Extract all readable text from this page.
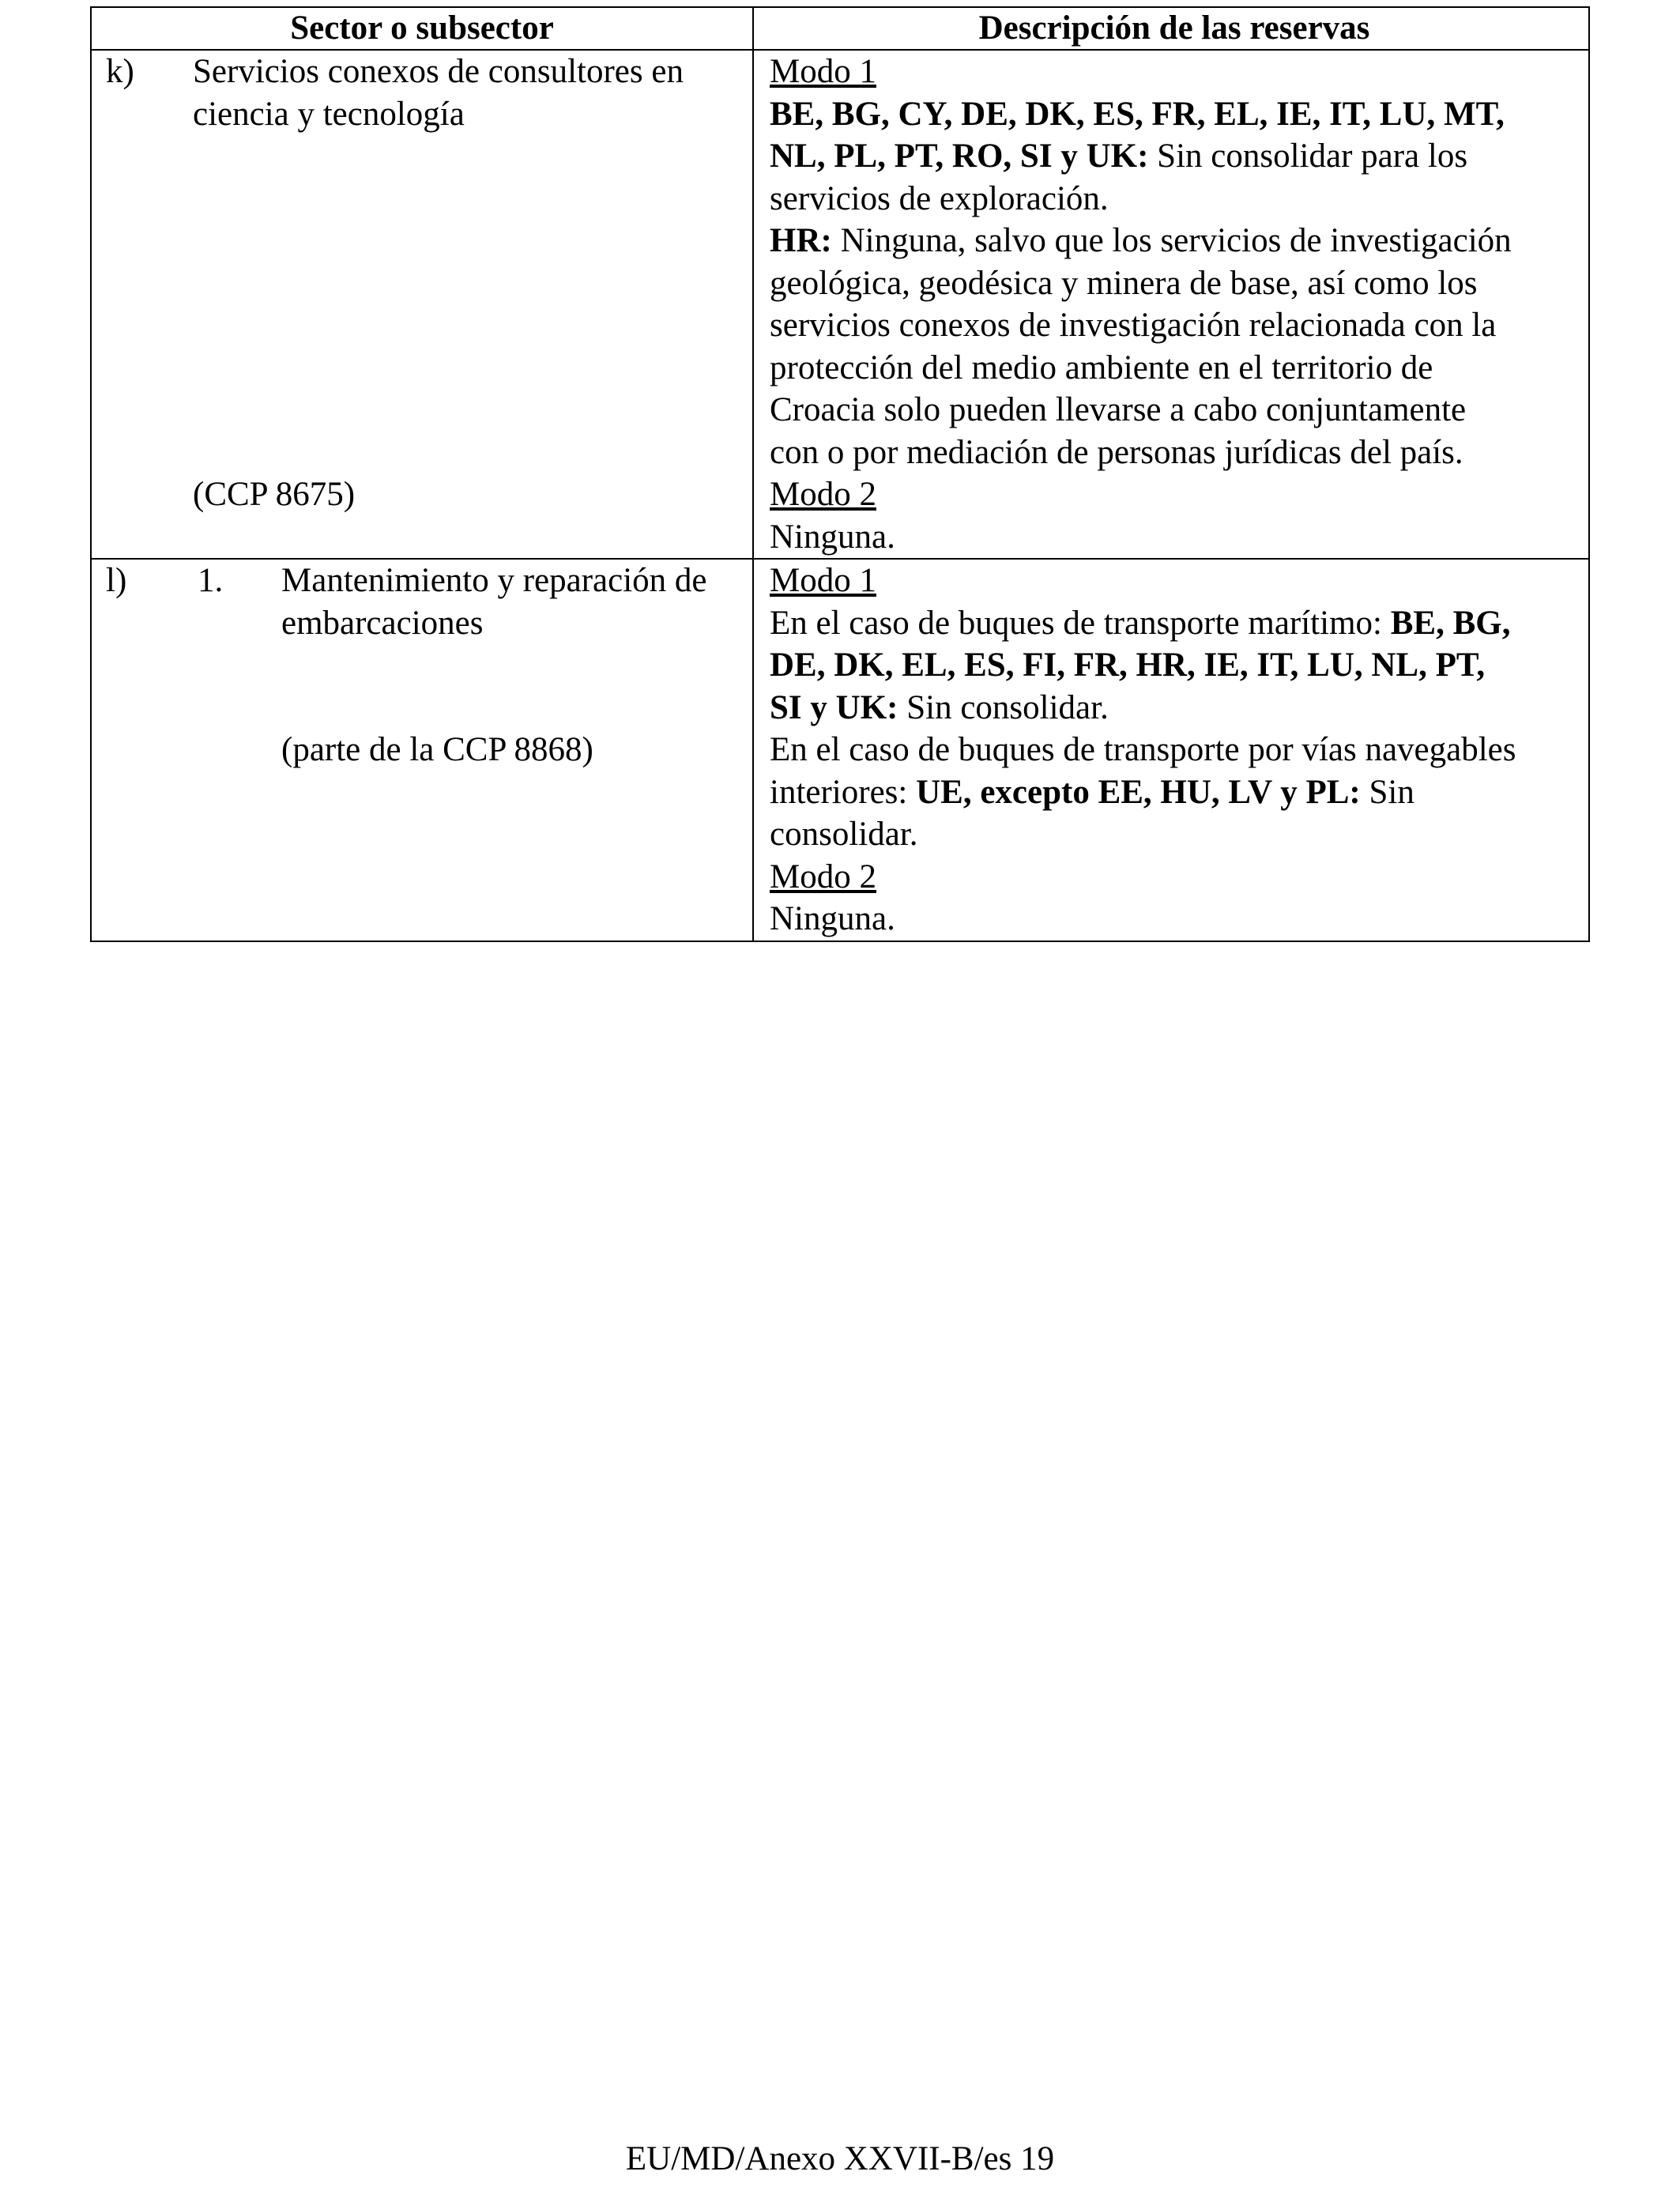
Sector o subsector	Descripción de las reservas
k) Servicios conexos de consultores en
ciencia y tecnología
(CCP 8675)
Modo 1
BE, BG, CY, DE, DK, ES, FR, EL, IE, IT, LU, MT,
NL, PL, PT, RO, SI y UK: Sin consolidar para los
servicios de exploración.
HR: Ninguna, salvo que los servicios de investigación
geológica, geodésica y minera de base, así como los
servicios conexos de investigación relacionada con la
protección del medio ambiente en el territorio de
Croacia solo pueden llevarse a cabo conjuntamente
con o por mediación de personas jurídicas del país.
Modo 2
Ninguna.
l) 1. Mantenimiento y reparación de
embarcaciones
(parte de la CCP 8868)
Modo 1
En el caso de buques de transporte marítimo: BE, BG,
DE, DK, EL, ES, FI, FR, HR, IE, IT, LU, NL, PT,
SI y UK: Sin consolidar.
En el caso de buques de transporte por vías navegables
interiores: UE, excepto EE, HU, LV y PL: Sin
consolidar.
Modo 2
Ninguna.
EU/MD/Anexo XXVII-B/es 19
